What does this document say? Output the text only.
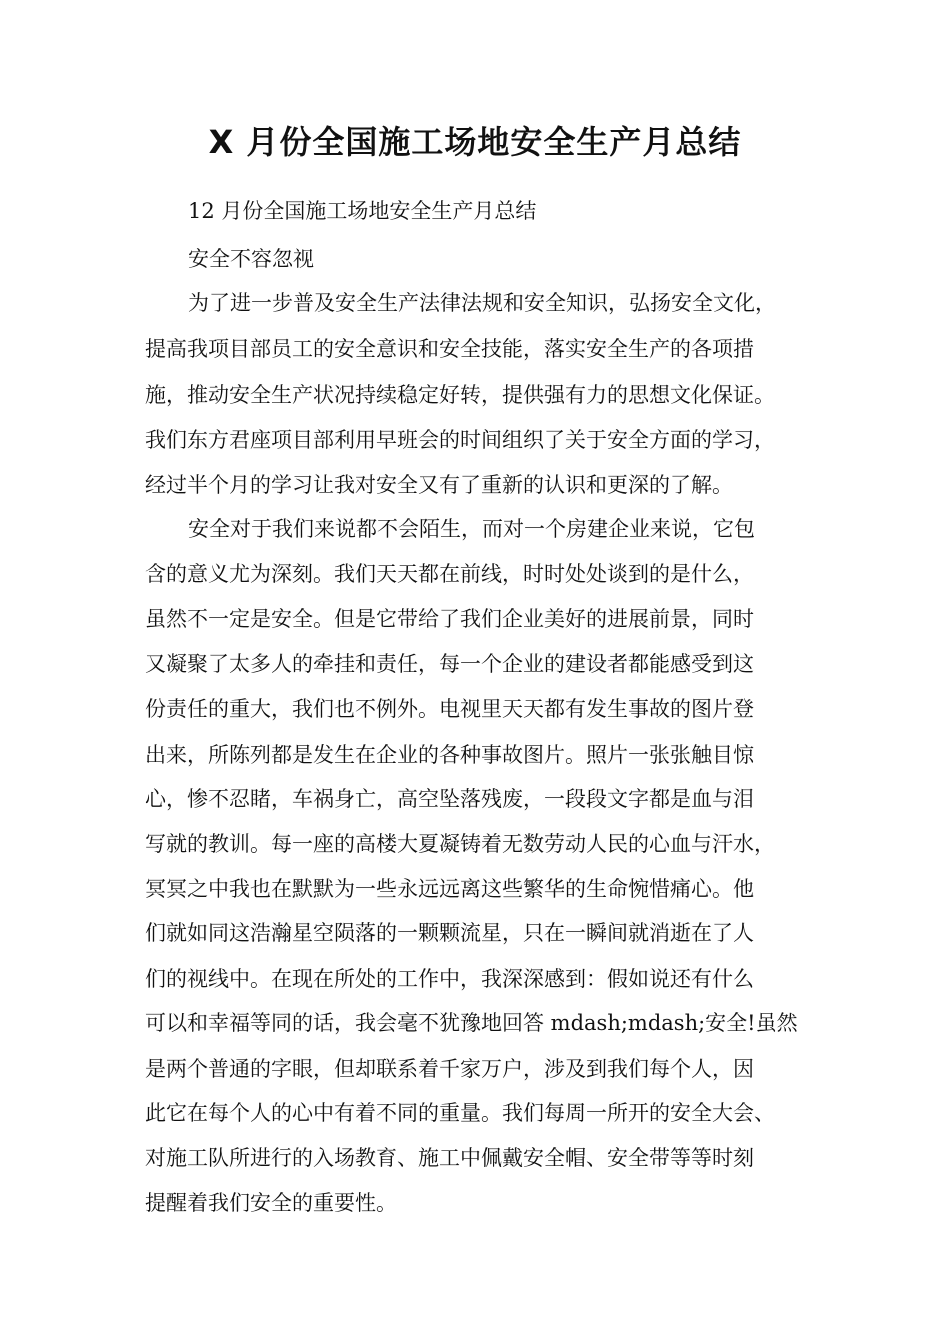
X 月份全国施工场地安全生产月总结

12 月份全国施工场地安全生产月总结

安全不容忽视

为了进一步普及安全生产法律法规和安全知识，弘扬安全文化，

提高我项目部员工的安全意识和安全技能，落实安全生产的各项措

施，推动安全生产状况持续稳定好转，提供强有力的思想文化保证。

我们东方君座项目部利用早班会的时间组织了关于安全方面的学习，

经过半个月的学习让我对安全又有了重新的认识和更深的了解。

安全对于我们来说都不会陌生，而对一个房建企业来说，它包

含的意义尤为深刻。我们天天都在前线，时时处处谈到的是什么，

虽然不一定是安全。但是它带给了我们企业美好的进展前景，同时

又凝聚了太多人的牵挂和责任，每一个企业的建设者都能感受到这

份责任的重大，我们也不例外。电视里天天都有发生事故的图片登

出来，所陈列都是发生在企业的各种事故图片。照片一张张触目惊

心，惨不忍睹，车祸身亡，高空坠落残废，一段段文字都是血与泪

写就的教训。每一座的高楼大夏凝铸着无数劳动人民的心血与汗水，

冥冥之中我也在默默为一些永远远离这些繁华的生命惋惜痛心。他

们就如同这浩瀚星空陨落的一颗颗流星，只在一瞬间就消逝在了人

们的视线中。在现在所处的工作中，我深深感到：假如说还有什么

可以和幸福等同的话，我会毫不犹豫地回答 mdash;mdash;安全!虽然

是两个普通的字眼，但却联系着千家万户，涉及到我们每个人，因

此它在每个人的心中有着不同的重量。我们每周一所开的安全大会、

对施工队所进行的入场教育、施工中佩戴安全帽、安全带等等时刻

提醒着我们安全的重要性。
